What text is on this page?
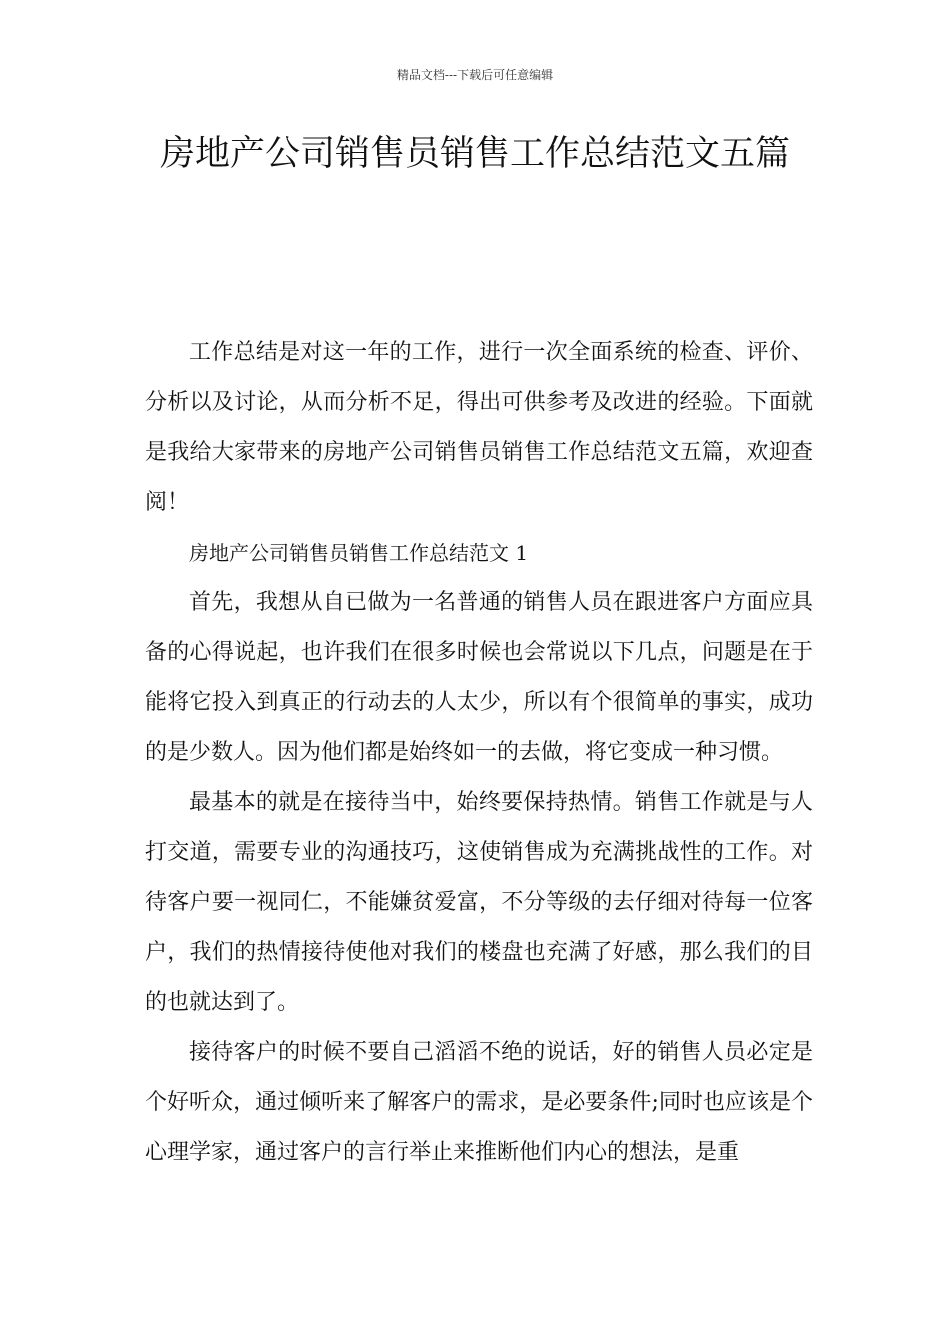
精品文档---下载后可任意编辑
房地产公司销售员销售工作总结范文五篇

工作总结是对这一年的工作，进行一次全面系统的检查、评价、分析以及讨论，从而分析不足，得出可供参考及改进的经验。下面就是我给大家带来的房地产公司销售员销售工作总结范文五篇，欢迎查阅！

房地产公司销售员销售工作总结范文 1

首先，我想从自已做为一名普通的销售人员在跟进客户方面应具备的心得说起，也许我们在很多时候也会常说以下几点，问题是在于能将它投入到真正的行动去的人太少，所以有个很简单的事实，成功的是少数人。因为他们都是始终如一的去做，将它变成一种习惯。

最基本的就是在接待当中，始终要保持热情。销售工作就是与人打交道，需要专业的沟通技巧，这使销售成为充满挑战性的工作。对待客户要一视同仁，不能嫌贫爱富，不分等级的去仔细对待每一位客户，我们的热情接待使他对我们的楼盘也充满了好感，那么我们的目的也就达到了。

接待客户的时候不要自己滔滔不绝的说话，好的销售人员必定是个好听众，通过倾听来了解客户的需求，是必要条件;同时也应该是个心理学家，通过客户的言行举止来推断他们内心的想法，是重
